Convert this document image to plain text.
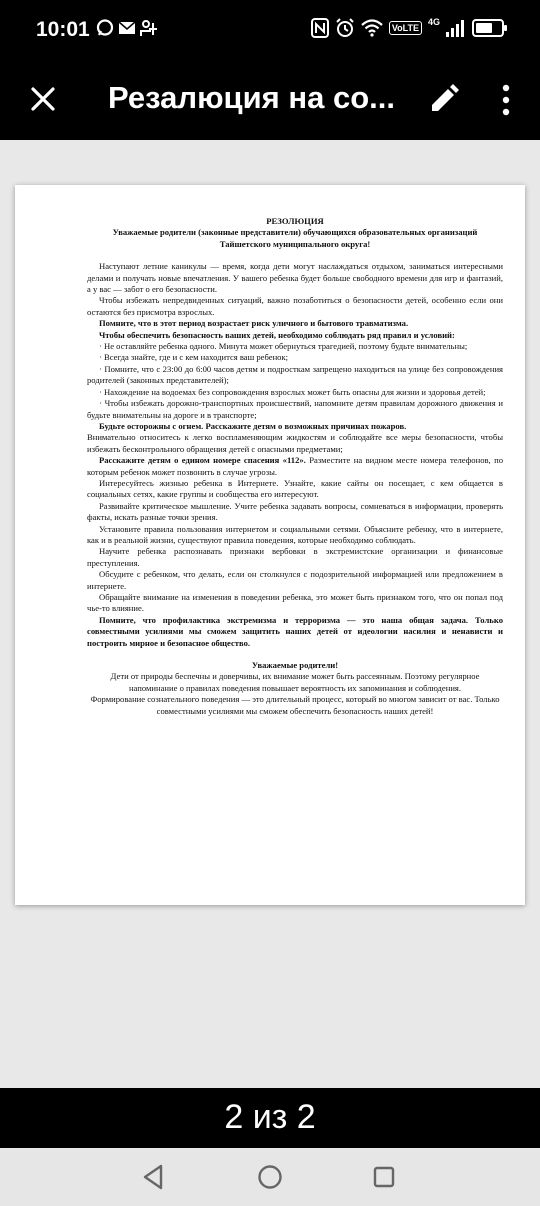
10:01	VoLTE
4G
Резалюция на со...

РЕЗОЛЮЦИЯ

Уважаемые родители (законные представители) обучающихся образовательных организаций Тайшетского муниципального округа!

Наступают летние каникулы — время, когда дети могут наслаждаться отдыхом, заниматься интересными делами и получать новые впечатления. У вашего ребенка будет больше свободного времени для игр и фантазий, а у вас — забот о его безопасности.

Чтобы избежать непредвиденных ситуаций, важно позаботиться о безопасности детей, особенно если они остаются без присмотра взрослых.

Помните, что в этот период возрастает риск уличного и бытового травматизма.

Чтобы обеспечить безопасность ваших детей, необходимо соблюдать ряд правил и условий:

· Не оставляйте ребенка одного. Минута может обернуться трагедией, поэтому будьте внимательны;

· Всегда знайте, где и с кем находится ваш ребенок;

· Помните, что с 23:00 до 6:00 часов детям и подросткам запрещено находиться на улице без сопровождения родителей (законных представителей);

· Нахождение на водоемах без сопровождения взрослых может быть опасны для жизни и здоровья детей;

· Чтобы избежать дорожно-транспортных происшествий, напомните детям правилам дорожного движения и будьте внимательны на дороге и в транспорте;

Будьте осторожны с огнем. Расскажите детям о возможных причинах пожаров.

Внимательно относитесь к легко воспламеняющим жидкостям и соблюдайте все меры безопасности, чтобы избежать бесконтрольного обращения детей с опасными предметами;

Расскажите детям о едином номере спасения «112». Разместите на видном месте номера телефонов, по которым ребенок может позвонить в случае угрозы.

Интересуйтесь жизнью ребенка в Интернете. Узнайте, какие сайты он посещает, с кем общается в социальных сетях, какие группы и сообщества его интересуют.

Развивайте критическое мышление. Учите ребенка задавать вопросы, сомневаться в информации, проверять факты, искать разные точки зрения.

Установите правила пользования интернетом и социальными сетями. Объясните ребенку, что в интернете, как и в реальной жизни, существуют правила поведения, которые необходимо соблюдать.

Научите ребенка распознавать признаки вербовки в экстремистские организации и финансовые преступления.

Обсудите с ребенком, что делать, если он столкнулся с подозрительной информацией или предложением в интернете.

Обращайте внимание на изменения в поведении ребенка, это может быть признаком того, что он попал под чье-то влияние.

Помните, что профилактика экстремизма и терроризма — это наша общая задача. Только совместными усилиями мы сможем защитить наших детей от идеологии насилия и ненависти и построить мирное и безопасное общество.

Уважаемые родители!

Дети от природы беспечны и доверчивы, их внимание может быть рассеянным. Поэтому регулярное напоминание о правилах поведения повышает вероятность их запоминания и соблюдения.

Формирование сознательного поведения — это длительный процесс, который во многом зависит от вас. Только совместными усилиями мы сможем обеспечить безопасность наших детей!

2 из 2
